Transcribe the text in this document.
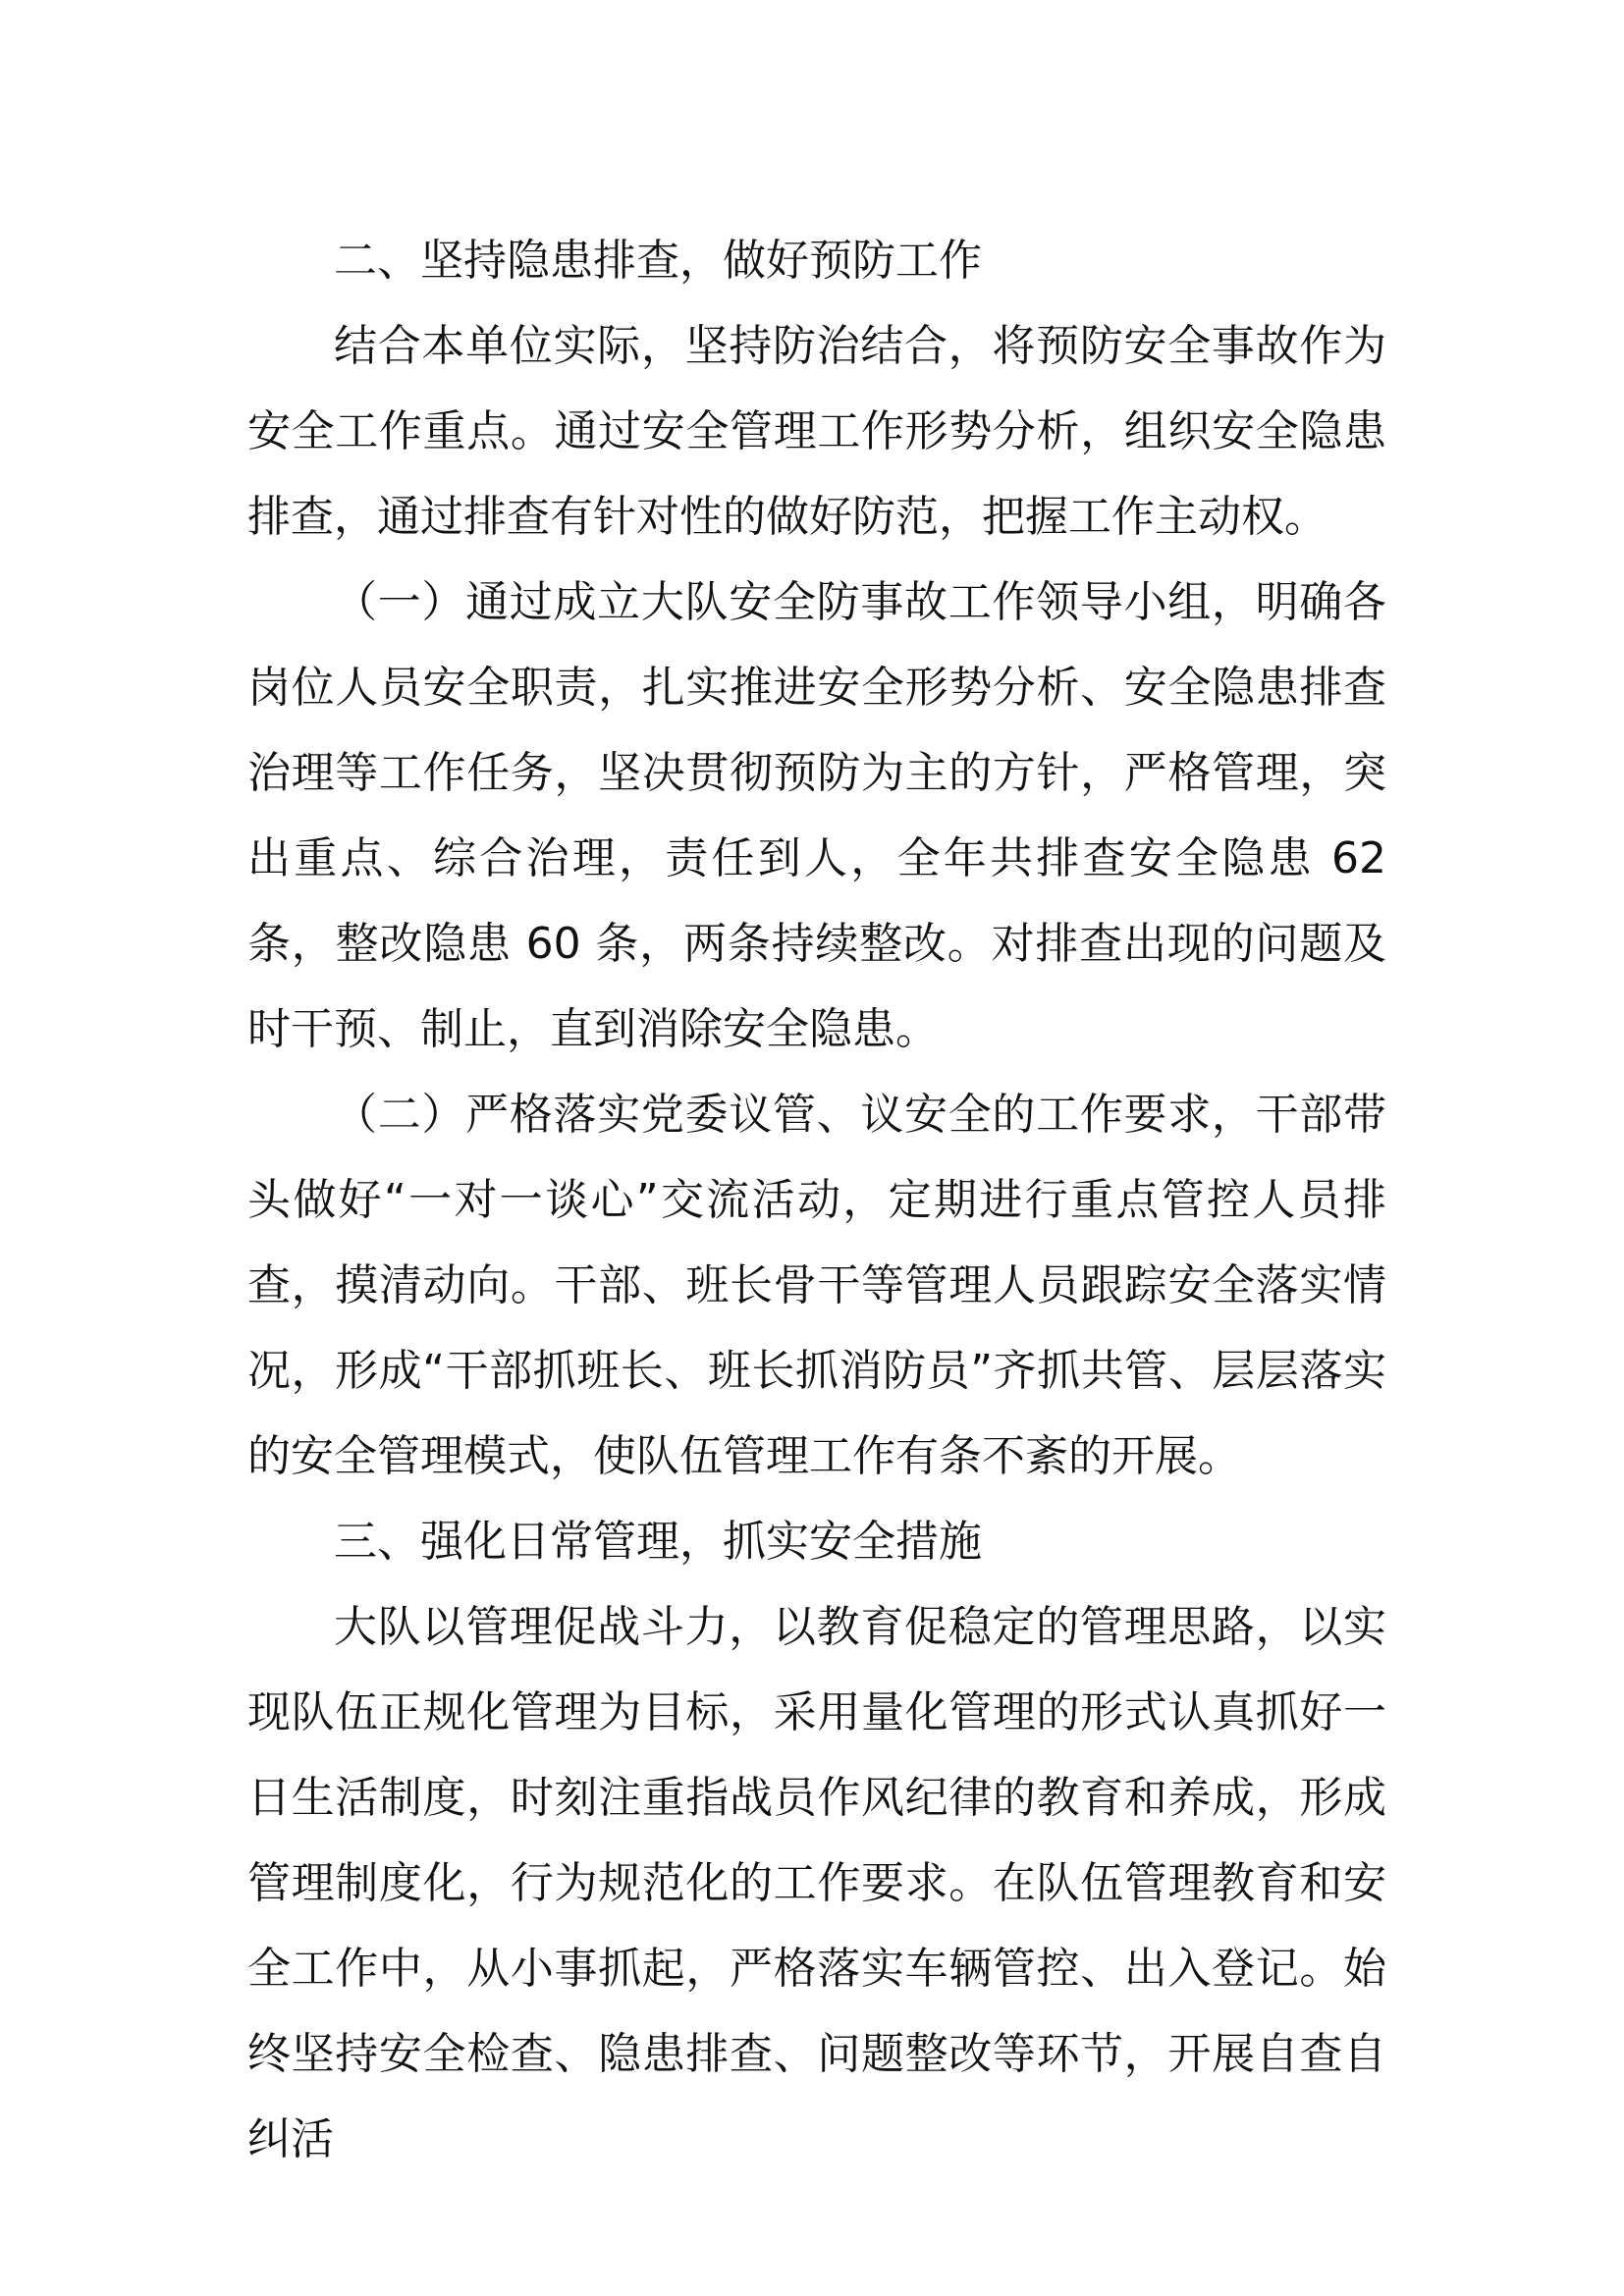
二、坚持隐患排查，做好预防工作

结合本单位实际，坚持防治结合，将预防安全事故作为安全工作重点。通过安全管理工作形势分析，组织安全隐患排查，通过排查有针对性的做好防范，把握工作主动权。

（一）通过成立大队安全防事故工作领导小组，明确各岗位人员安全职责，扎实推进安全形势分析、安全隐患排查治理等工作任务，坚决贯彻预防为主的方针，严格管理，突出重点、综合治理，责任到人，全年共排查安全隐患 62 条，整改隐患 60 条，两条持续整改。对排查出现的问题及时干预、制止，直到消除安全隐患。

（二）严格落实党委议管、议安全的工作要求，干部带头做好“一对一谈心”交流活动，定期进行重点管控人员排查，摸清动向。干部、班长骨干等管理人员跟踪安全落实情况，形成“干部抓班长、班长抓消防员”齐抓共管、层层落实的安全管理模式，使队伍管理工作有条不紊的开展。

三、强化日常管理，抓实安全措施

大队以管理促战斗力，以教育促稳定的管理思路，以实现队伍正规化管理为目标，采用量化管理的形式认真抓好一日生活制度，时刻注重指战员作风纪律的教育和养成，形成管理制度化，行为规范化的工作要求。在队伍管理教育和安全工作中，从小事抓起，严格落实车辆管控、出入登记。始终坚持安全检查、隐患排查、问题整改等环节，开展自查自纠活
